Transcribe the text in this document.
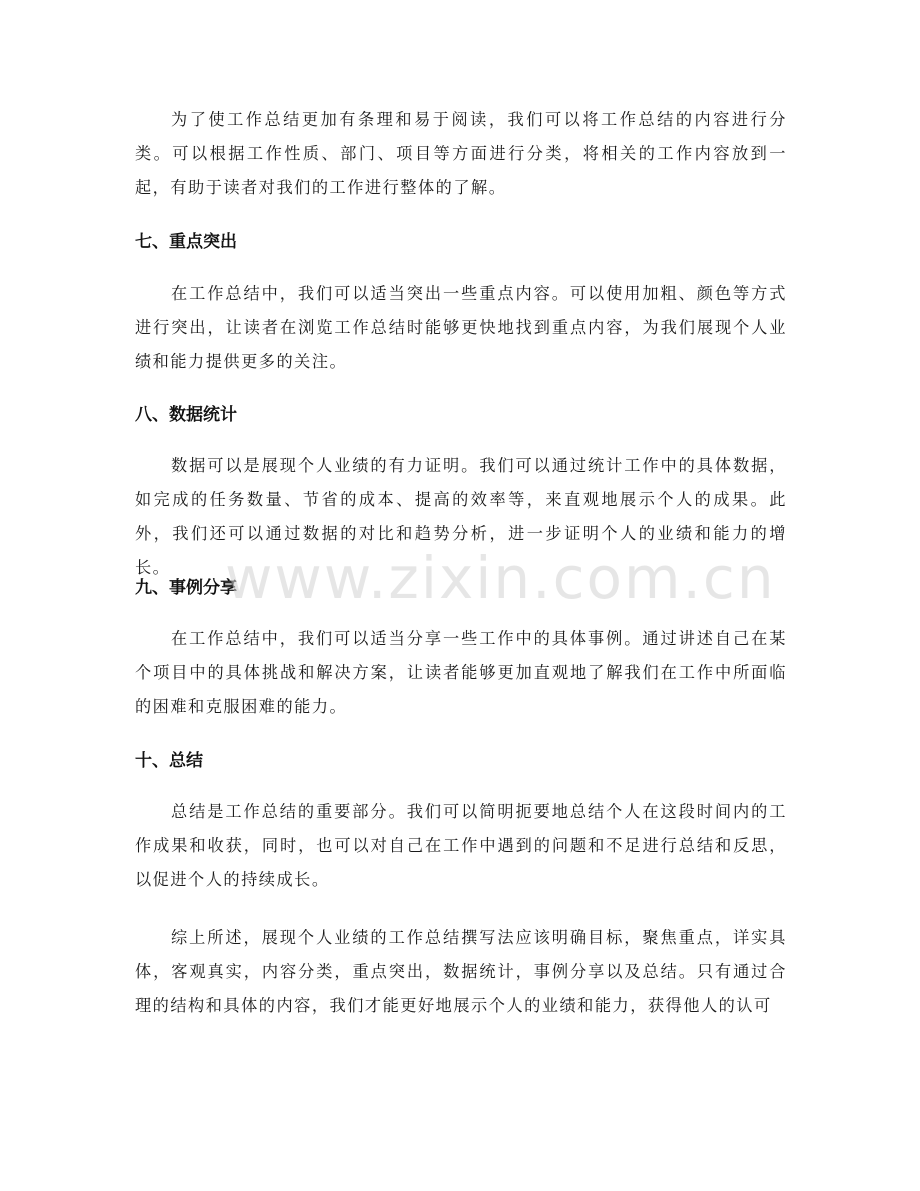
为了使工作总结更加有条理和易于阅读，我们可以将工作总结的内容进行分类。可以根据工作性质、部门、项目等方面进行分类，将相关的工作内容放到一起，有助于读者对我们的工作进行整体的了解。

七、重点突出

在工作总结中，我们可以适当突出一些重点内容。可以使用加粗、颜色等方式进行突出，让读者在浏览工作总结时能够更快地找到重点内容，为我们展现个人业绩和能力提供更多的关注。

八、数据统计

数据可以是展现个人业绩的有力证明。我们可以通过统计工作中的具体数据，如完成的任务数量、节省的成本、提高的效率等，来直观地展示个人的成果。此外，我们还可以通过数据的对比和趋势分析，进一步证明个人的业绩和能力的增长。

九、事例分享

在工作总结中，我们可以适当分享一些工作中的具体事例。通过讲述自己在某个项目中的具体挑战和解决方案，让读者能够更加直观地了解我们在工作中所面临的困难和克服困难的能力。

十、总结

总结是工作总结的重要部分。我们可以简明扼要地总结个人在这段时间内的工作成果和收获，同时，也可以对自己在工作中遇到的问题和不足进行总结和反思，以促进个人的持续成长。

综上所述，展现个人业绩的工作总结撰写法应该明确目标，聚焦重点，详实具体，客观真实，内容分类，重点突出，数据统计，事例分享以及总结。只有通过合理的结构和具体的内容，我们才能更好地展示个人的业绩和能力，获得他人的认可

www.zixin.com.cn
